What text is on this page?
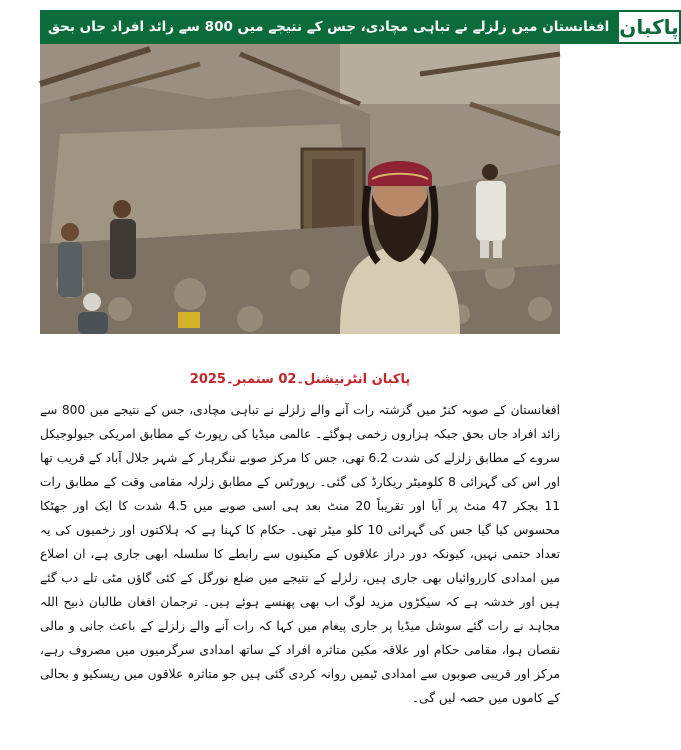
افغانستان میں زلزلے نے تباہی مچادی، جس کے نتیجے میں 800 سے زائد افراد جاں بحق پاکبان
پاکبان انٹرنیشنل۔02 ستمبر۔2025

افغانستان کے صوبہ کنڑ میں گزشتہ رات آنے والے زلزلے نے تباہی مچادی، جس کے نتیجے میں 800 سے زائد افراد جاں بحق جبکہ ہزاروں زخمی ہوگئے۔ عالمی میڈیا کی رپورٹ کے مطابق امریکی جیولوجیکل سروے کے مطابق زلزلے کی شدت 6.2 تھی، جس کا مرکز صوبے ننگرہار کے شہر جلال آباد کے قریب تھا اور اس کی گہرائی 8 کلومیٹر ریکارڈ کی گئی۔ رپورٹس کے مطابق زلزلہ مقامی وقت کے مطابق رات 11 بجکر 47 منٹ پر آیا اور تقریباً 20 منٹ بعد ہی اسی صوبے میں 4.5 شدت کا ایک اور جھٹکا محسوس کیا گیا جس کی گہرائی 10 کلو میٹر تھی۔ حکام کا کہنا ہے کہ ہلاکتوں اور زخمیوں کی یہ تعداد حتمی نہیں، کیونکہ دور دراز علاقوں کے مکینوں سے رابطے کا سلسلہ ابھی جاری ہے، ان اضلاع میں امدادی کارروائیاں بھی جاری ہیں، زلزلے کے نتیجے میں ضلع نورگل کے کئی گاؤں مٹی تلے دب گئے ہیں اور خدشہ ہے کہ سیکڑوں مزید لوگ اب بھی پھنسے ہوئے ہیں۔ ترجمان افغان طالبان ذبیح اللہ مجاہد نے رات گئے سوشل میڈیا پر جاری پیغام میں کہا کہ رات آنے والے زلزلے کے باعث جانی و مالی نقصان ہوا، مقامی حکام اور علاقہ مکین متاثرہ افراد کے ساتھ امدادی سرگرمیوں میں مصروف رہے، مرکز اور قریبی صوبوں سے امدادی ٹیمیں روانہ کردی گئی ہیں جو متاثرہ علاقوں میں ریسکیو و بحالی کے کاموں میں حصہ لیں گی۔
